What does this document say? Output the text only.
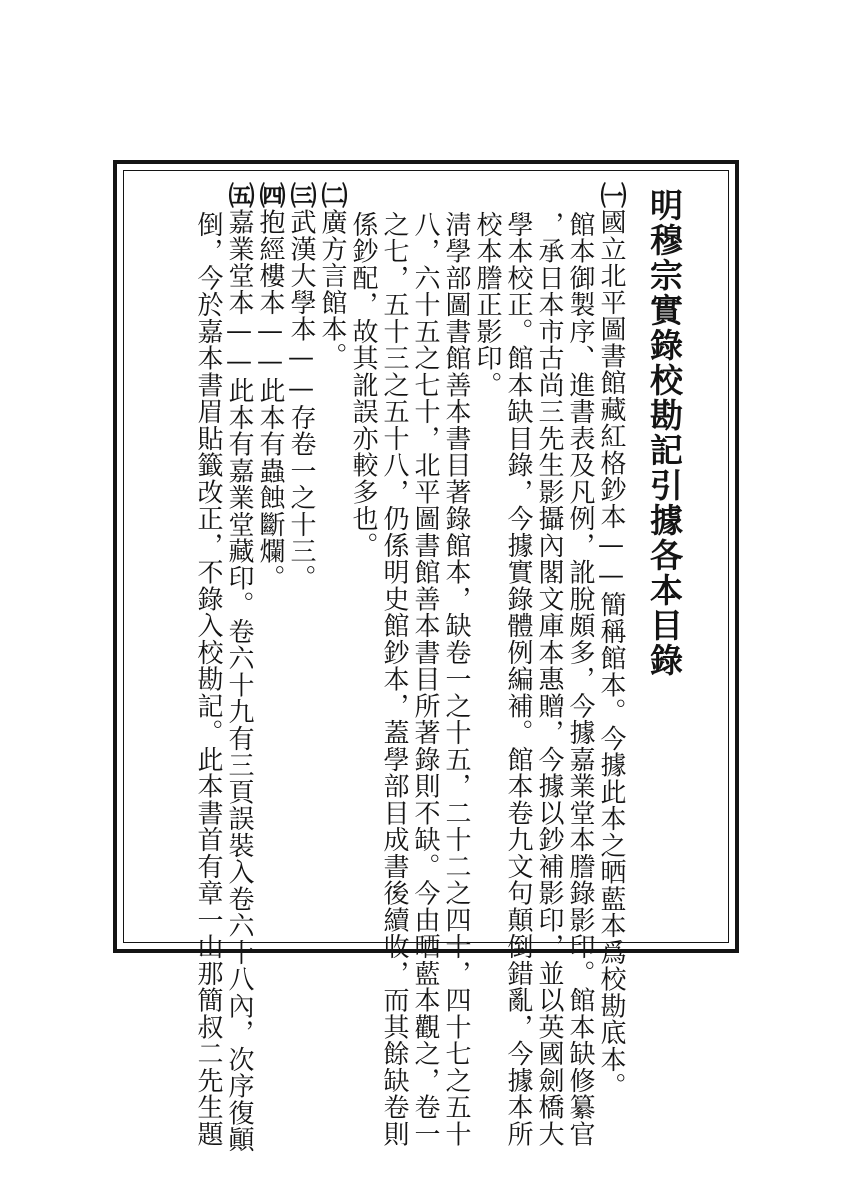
明穆宗實錄校勘記引據各本目錄
㈠國立北平圖書館藏紅格鈔本——簡稱館本。今據此本之晒藍本爲校勘底本。
館本御製序、進書表及凡例，訛脫頗多，今據嘉業堂本謄錄影印。館本缺修纂官
，承日本市古尚三先生影攝內閣文庫本惠贈，今據以鈔補影印，並以英國劍橋大
學本校正。館本缺目錄，今據實錄體例編補。館本卷九文句顛倒錯亂，今據本所
校本謄正影印。
淸學部圖書館善本書目著錄館本，缺卷一之十五，二十二之四十，四十七之五十
八，六十五之七十，北平圖書館善本書目所著錄則不缺。今由晒藍本觀之，卷一
之七，五十三之五十八，仍係明史館鈔本，蓋學部目成書後續收，而其餘缺卷則
係鈔配，故其訛誤亦較多也。
㈡廣方言館本。
㈢武漢大學本——存卷一之十三。
㈣抱經樓本——此本有蟲蝕斷爛。
㈤嘉業堂本——此本有嘉業堂藏印。卷六十九有三頁誤裝入卷六十八內，次序復顚
倒，今於嘉本書眉貼籤改正，不錄入校勘記。此本書首有章一山那簡叔二先生題
